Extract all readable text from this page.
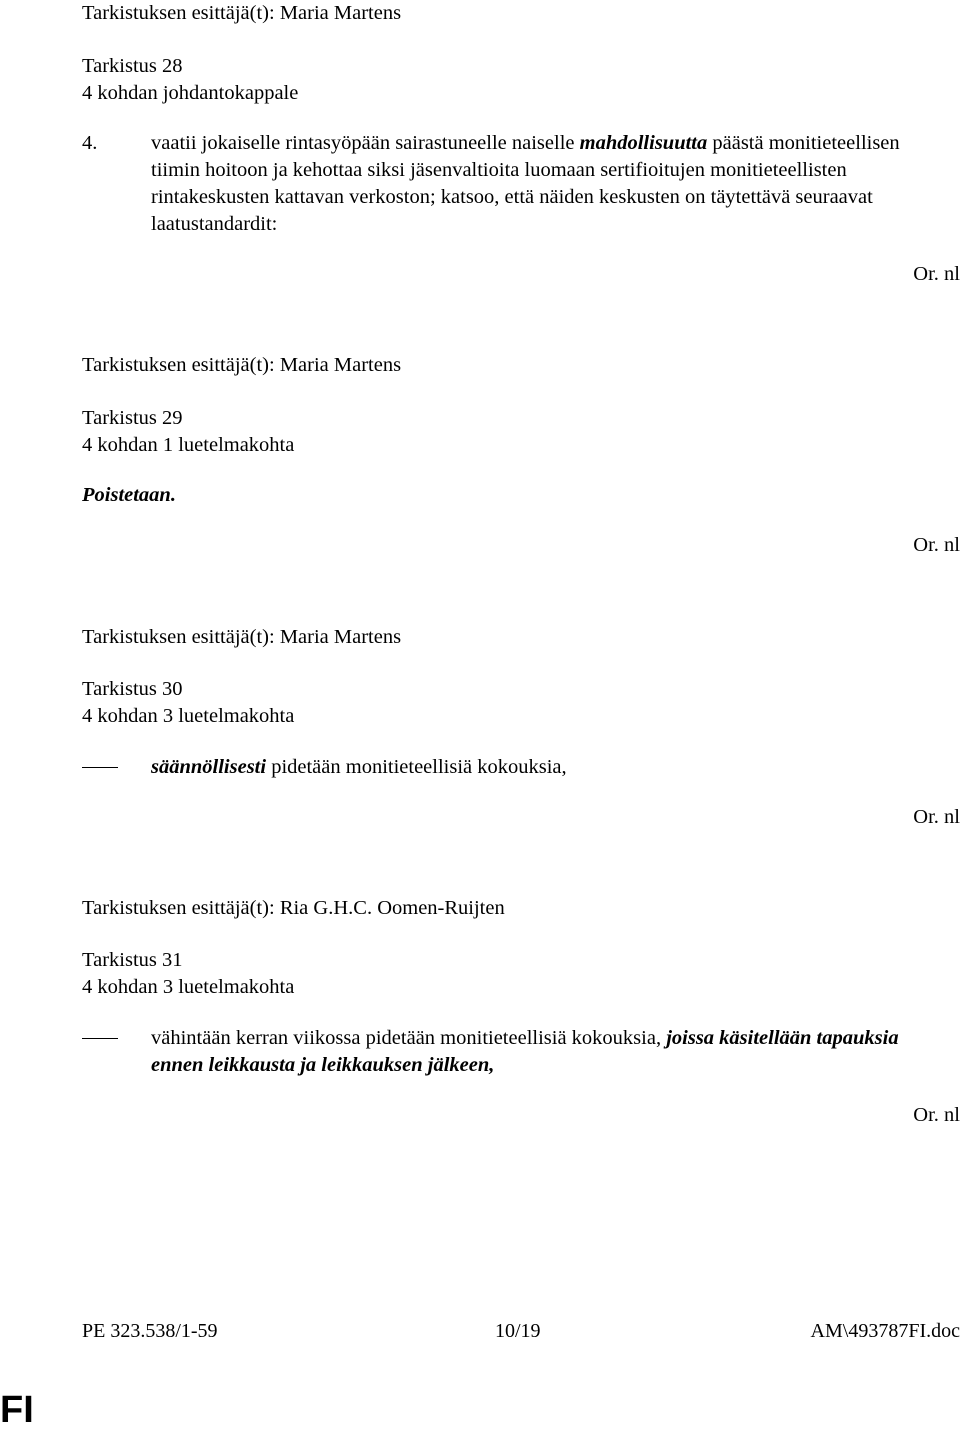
Tarkistuksen esittäjä(t): Maria Martens
Tarkistus 28
4 kohdan johdantokappale
4.	vaatii jokaiselle rintasyöpään sairastuneelle naiselle mahdollisuutta päästä monitieteellisen tiimin hoitoon ja kehottaa siksi jäsenvaltioita luomaan sertifioitujen monitieteellisten rintakeskusten kattavan verkoston; katsoo, että näiden keskusten on täytettävä seuraavat laatustandardit:
Or. nl
Tarkistuksen esittäjä(t): Maria Martens
Tarkistus 29
4 kohdan 1 luetelmakohta
Poistetaan.
Or. nl
Tarkistuksen esittäjä(t): Maria Martens
Tarkistus 30
4 kohdan 3 luetelmakohta
säännöllisesti pidetään monitieteellisiä kokouksia,
Or. nl
Tarkistuksen esittäjä(t): Ria G.H.C. Oomen-Ruijten
Tarkistus 31
4 kohdan 3 luetelmakohta
vähintään kerran viikossa pidetään monitieteellisiä kokouksia, joissa käsitellään tapauksia ennen leikkausta ja leikkauksen jälkeen,
Or. nl
PE 323.538/1-59	10/19	AM\493787FI.doc
FI
